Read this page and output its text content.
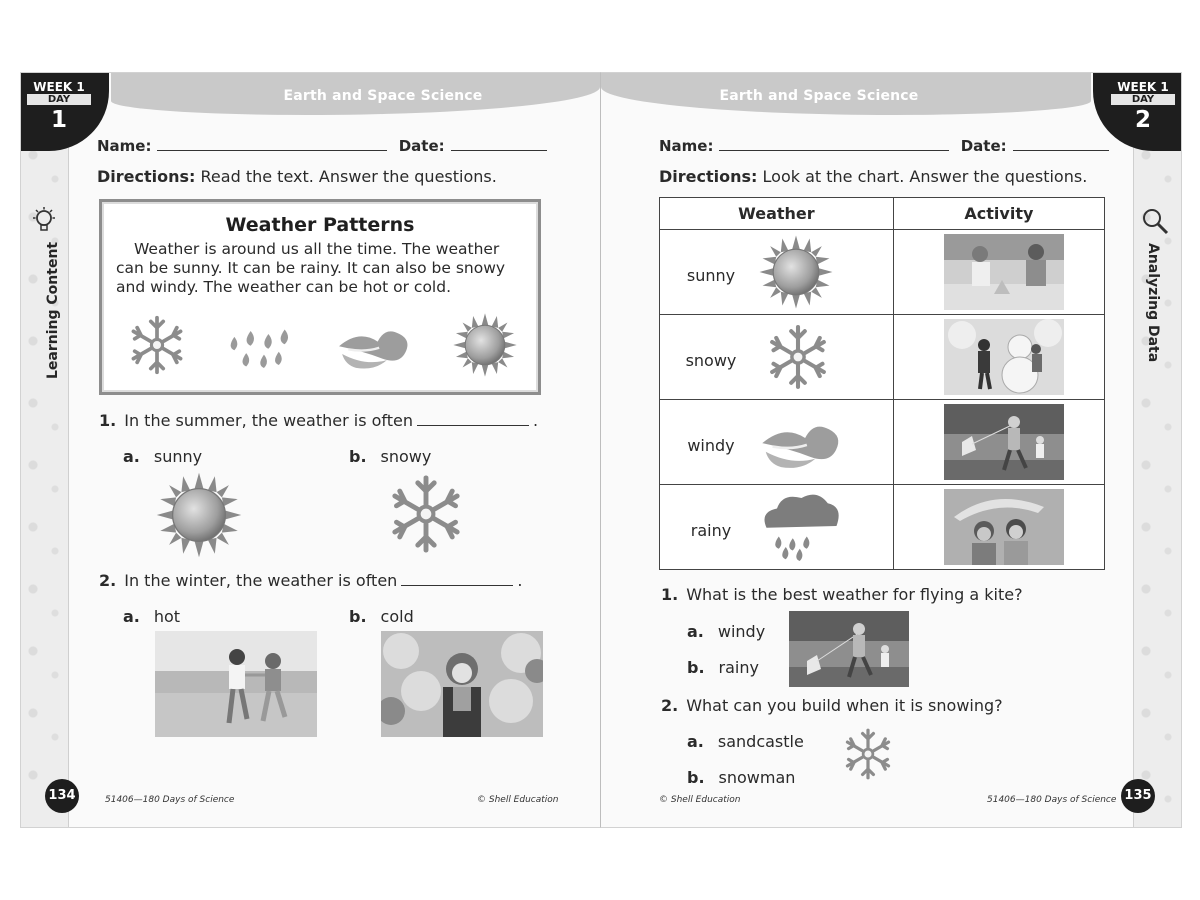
Earth and Space Science
WEEK 1
DAY
1
Learning Content
Name:	Date:
Directions: Read the text. Answer the questions.
Weather Patterns

Weather is around us all the time. The weather can be sunny. It can be rainy. It can also be snowy and windy. The weather can be hot or cold.

1. In the summer, the weather is often	.
a. sunny	b. snowy
2. In the winter, the weather is often	.
a. hot	b. cold
134	51406—180 Days of Science	© Shell Education
Earth and Space Science
WEEK 1
DAY
2
Analyzing Data
Name:	Date:
Directions: Look at the chart. Answer the questions.
Weather	Activity

sunny

snowy

windy

rainy

1. What is the best weather for flying a kite?
a. windy
b. rainy
2. What can you build when it is snowing?
a. sandcastle
b. snowman
© Shell Education	51406—180 Days of Science 135
